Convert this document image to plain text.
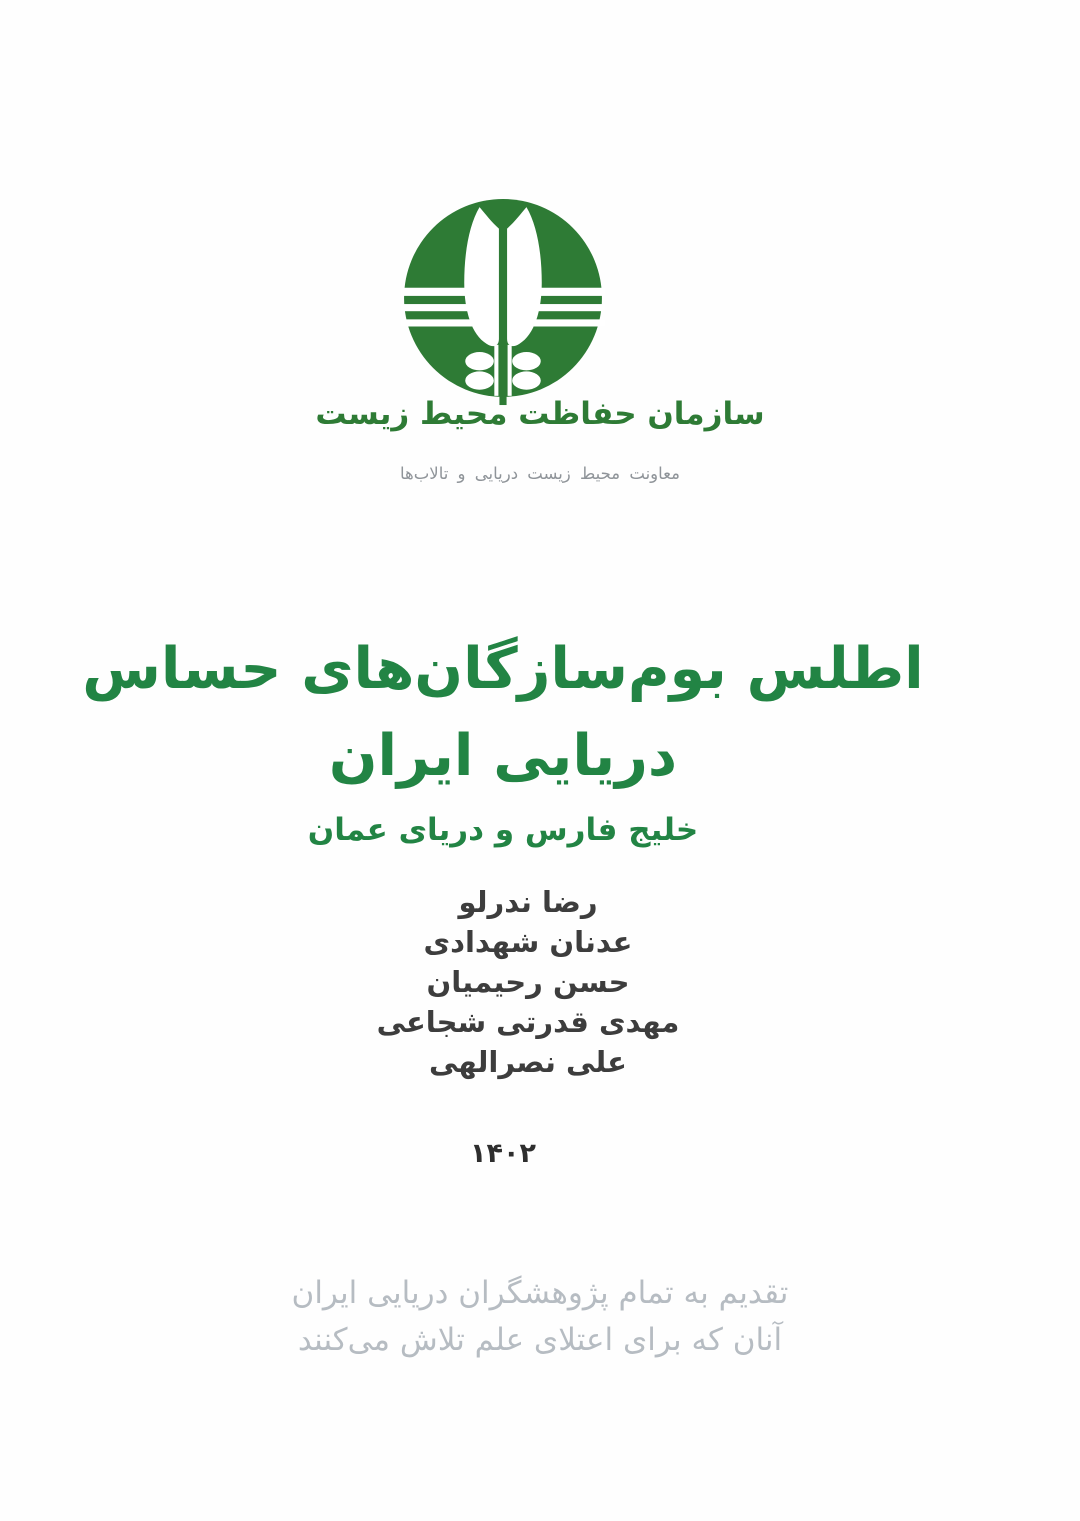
سازمان حفاظت محیط زیست
معاونت محیط زیست دریایی و تالاب‌ها
اطلس بوم‌سازگان‌های حساس
دریایی ایران
خلیج فارس و دریای عمان
رضا ندرلو
عدنان شهدادی
حسن رحیمیان
مهدی قدرتی شجاعی
علی نصرالهی
۱۴۰۲
تقدیم به تمام پژوهشگران دریایی ایران
آنان که برای اعتلای علم تلاش می‌کنند
